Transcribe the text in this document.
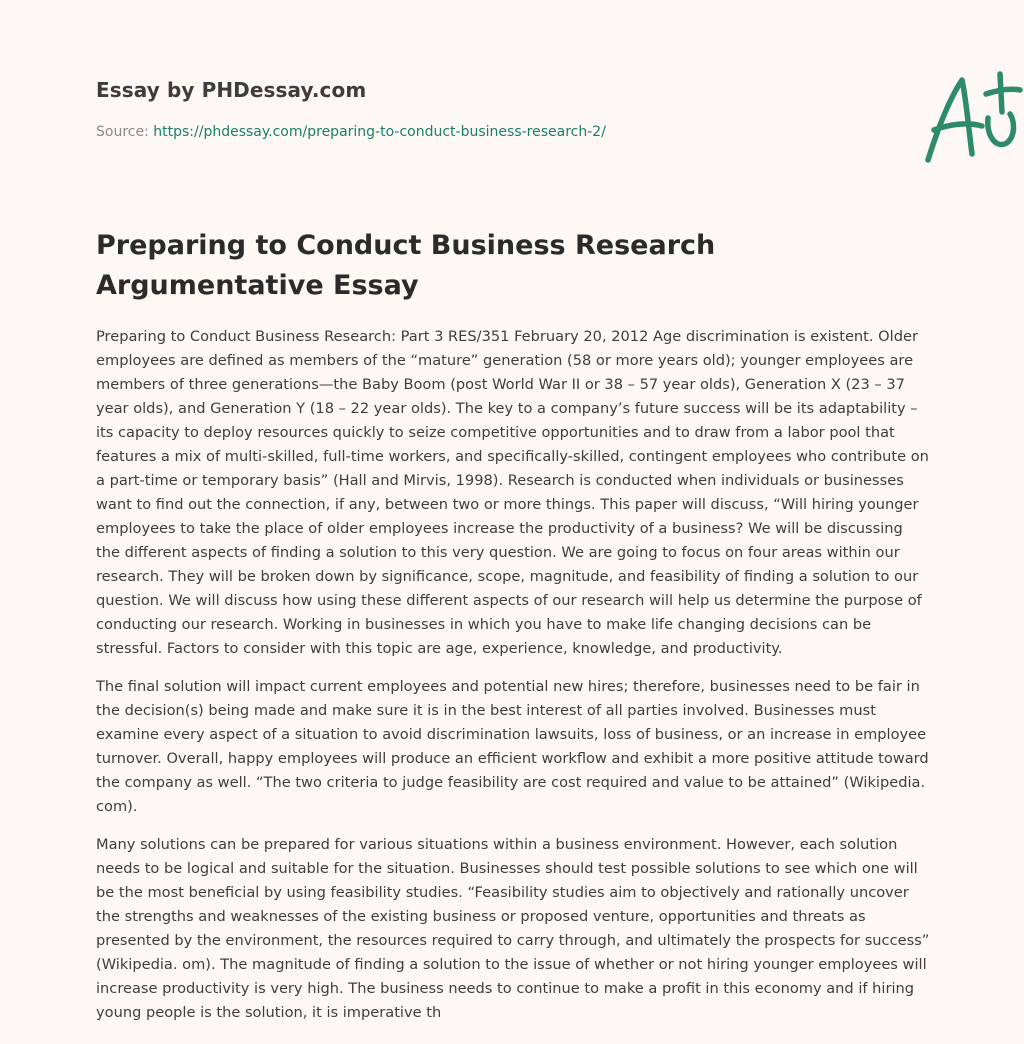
Essay by PHDessay.com
Source: https://phdessay.com/preparing-to-conduct-business-research-2/
Preparing to Conduct Business Research Argumentative Essay

Preparing to Conduct Business Research: Part 3 RES/351 February 20, 2012 Age discrimination is existent. Older employees are defined as members of the “mature” generation (58 or more years old); younger employees are members of three generations—the Baby Boom (post World War II or 38 – 57 year olds), Generation X (23 – 37 year olds), and Generation Y (18 – 22 year olds). The key to a company’s future success will be its adaptability – its capacity to deploy resources quickly to seize competitive opportunities and to draw from a labor pool that features a mix of multi-skilled, full-time workers, and specifically-skilled, contingent employees who contribute on a part-time or temporary basis” (Hall and Mirvis, 1998). Research is conducted when individuals or businesses want to find out the connection, if any, between two or more things. This paper will discuss, “Will hiring younger employees to take the place of older employees increase the productivity of a business? We will be discussing the different aspects of finding a solution to this very question. We are going to focus on four areas within our research. They will be broken down by significance, scope, magnitude, and feasibility of finding a solution to our question. We will discuss how using these different aspects of our research will help us determine the purpose of conducting our research. Working in businesses in which you have to make life changing decisions can be stressful. Factors to consider with this topic are age, experience, knowledge, and productivity.

The final solution will impact current employees and potential new hires; therefore, businesses need to be fair in the decision(s) being made and make sure it is in the best interest of all parties involved. Businesses must examine every aspect of a situation to avoid discrimination lawsuits, loss of business, or an increase in employee turnover. Overall, happy employees will produce an efficient workflow and exhibit a more positive attitude toward the company as well. “The two criteria to judge feasibility are cost required and value to be attained” (Wikipedia. com).

Many solutions can be prepared for various situations within a business environment. However, each solution needs to be logical and suitable for the situation. Businesses should test possible solutions to see which one will be the most beneficial by using feasibility studies. “Feasibility studies aim to objectively and rationally uncover the strengths and weaknesses of the existing business or proposed venture, opportunities and threats as presented by the environment, the resources required to carry through, and ultimately the prospects for success” (Wikipedia. om). The magnitude of finding a solution to the issue of whether or not hiring younger employees will increase productivity is very high. The business needs to continue to make a profit in this economy and if hiring young people is the solution, it is imperative th
